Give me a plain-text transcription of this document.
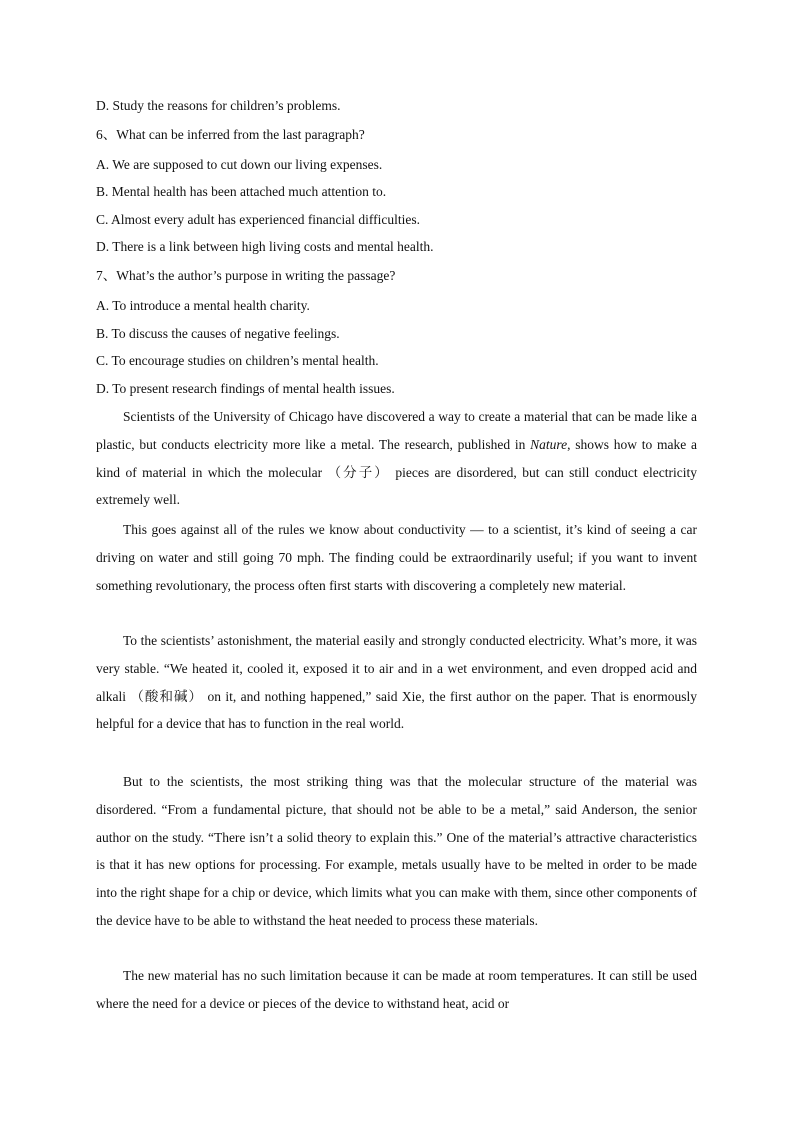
D. Study the reasons for children’s problems.
6、What can be inferred from the last paragraph?
A. We are supposed to cut down our living expenses.
B. Mental health has been attached much attention to.
C. Almost every adult has experienced financial difficulties.
D. There is a link between high living costs and mental health.
7、What’s the author’s purpose in writing the passage?
A. To introduce a mental health charity.
B. To discuss the causes of negative feelings.
C. To encourage studies on children’s mental health.
D. To present research findings of mental health issues.
Scientists of the University of Chicago have discovered a way to create a material that can be made like a plastic, but conducts electricity more like a metal. The research, published in Nature, shows how to make a kind of material in which the molecular （分子） pieces are disordered, but can still conduct electricity extremely well.
This goes against all of the rules we know about conductivity — to a scientist, it’s kind of seeing a car driving on water and still going 70 mph. The finding could be extraordinarily useful; if you want to invent something revolutionary, the process often first starts with discovering a completely new material.
To the scientists’ astonishment, the material easily and strongly conducted electricity. What’s more, it was very stable. “We heated it, cooled it, exposed it to air and in a wet environment, and even dropped acid and alkali （酸和碱） on it, and nothing happened,” said Xie, the first author on the paper. That is enormously helpful for a device that has to function in the real world.
But to the scientists, the most striking thing was that the molecular structure of the material was disordered. “From a fundamental picture, that should not be able to be a metal,” said Anderson, the senior author on the study. “There isn’t a solid theory to explain this.” One of the material’s attractive characteristics is that it has new options for processing. For example, metals usually have to be melted in order to be made into the right shape for a chip or device, which limits what you can make with them, since other components of the device have to be able to withstand the heat needed to process these materials.
The new material has no such limitation because it can be made at room temperatures. It can still be used where the need for a device or pieces of the device to withstand heat, acid or
